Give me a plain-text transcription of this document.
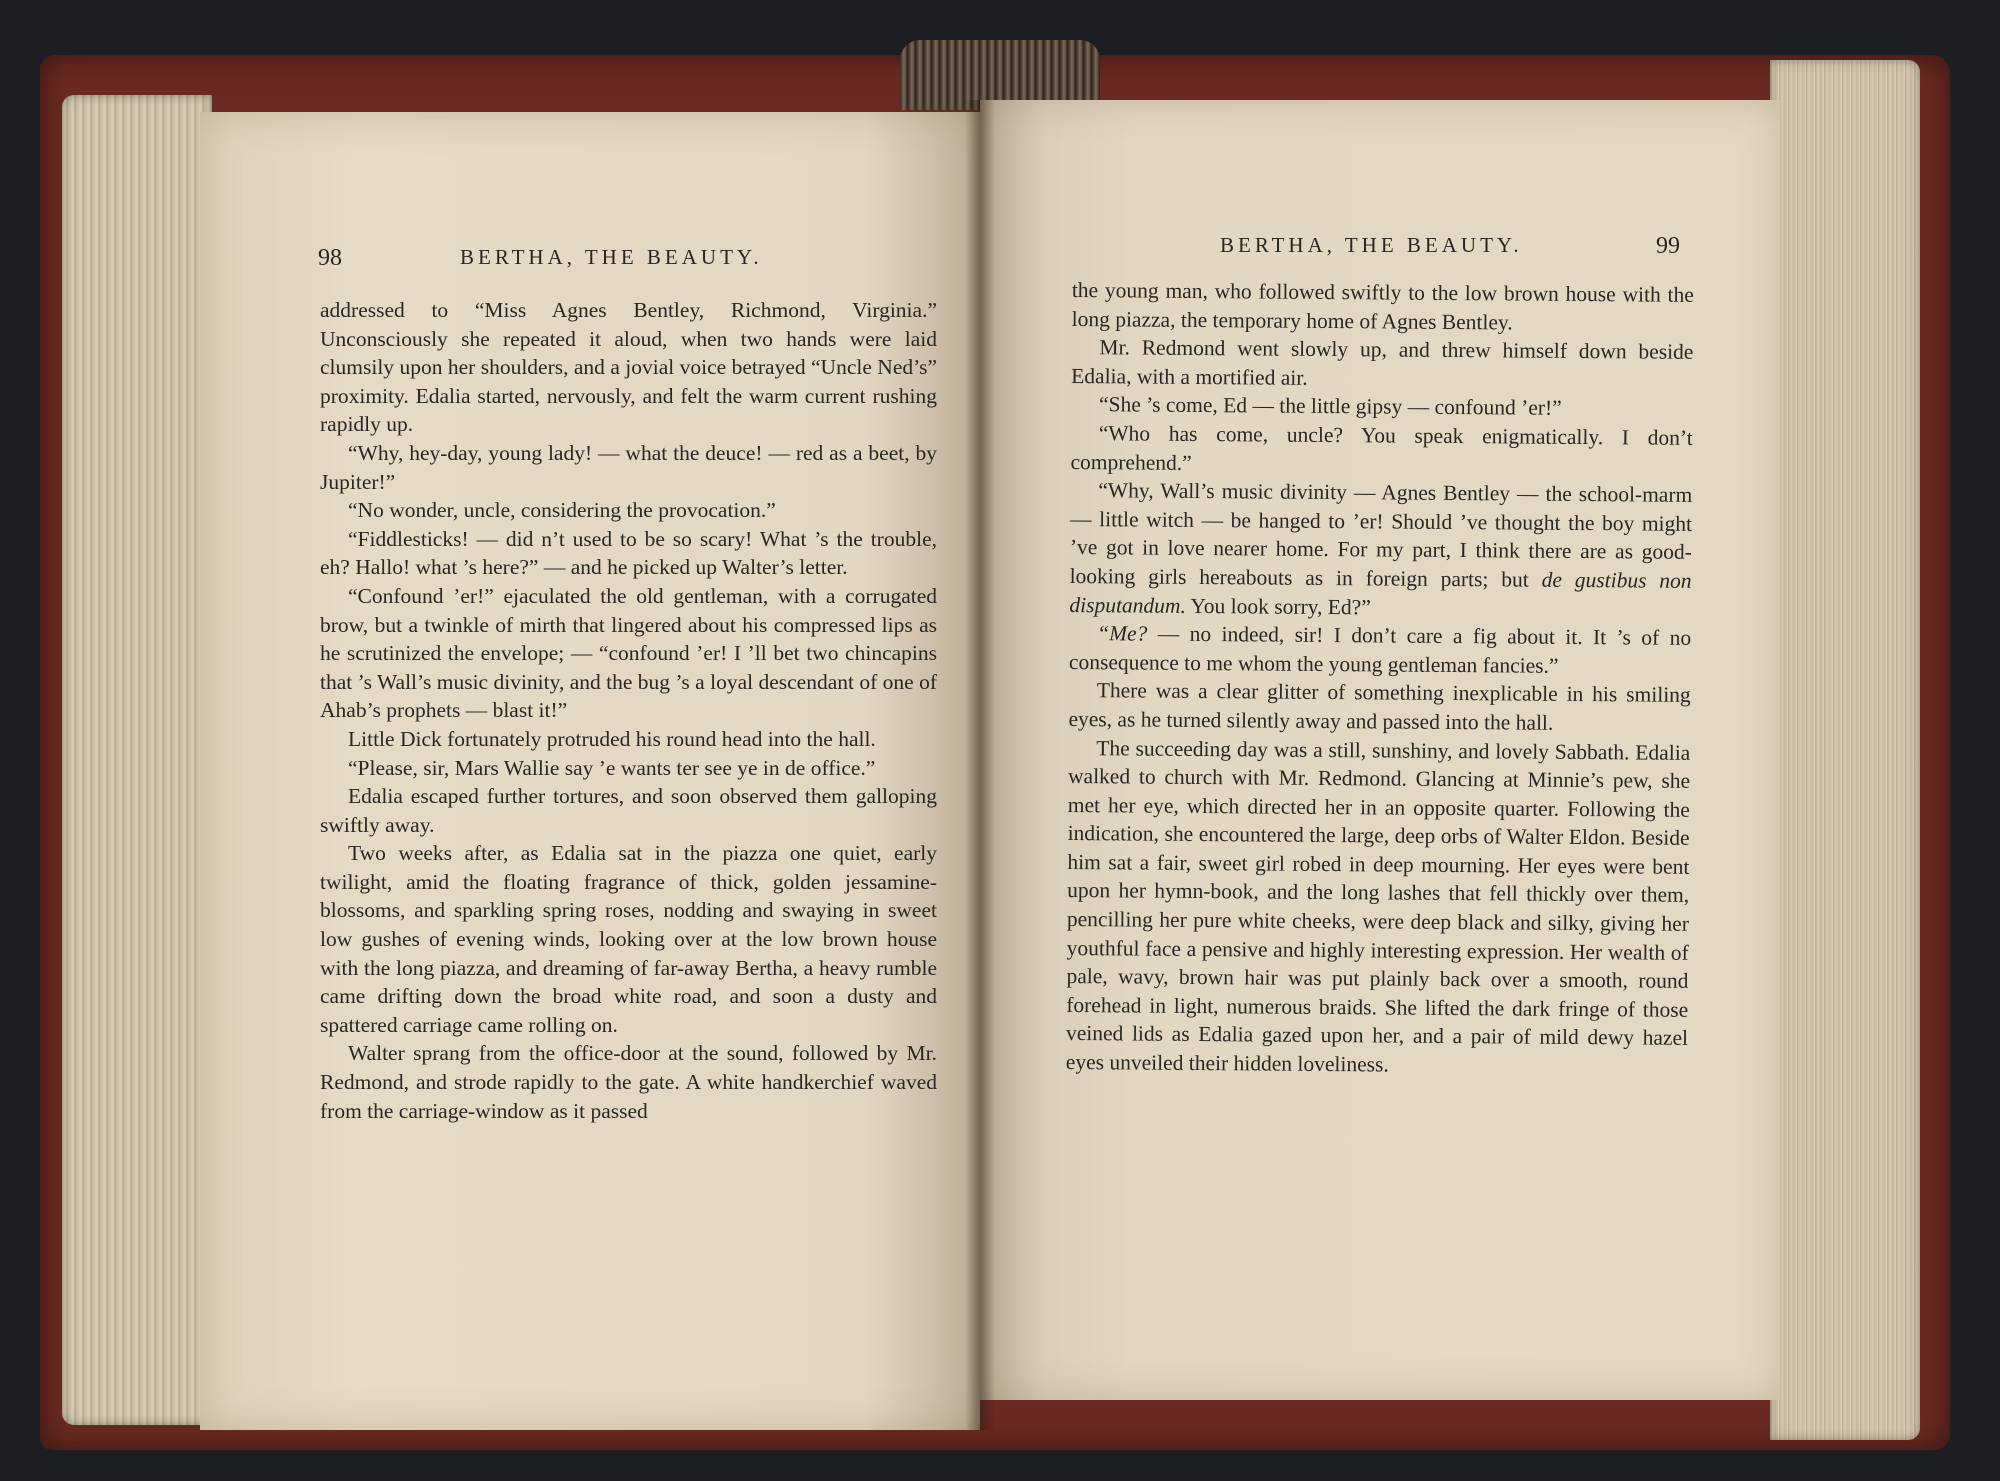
98	BERTHA, THE BEAUTY.

addressed to “Miss Agnes Bentley, Richmond, Virginia.” Unconsciously she repeated it aloud, when two hands were laid clumsily upon her shoulders, and a jovial voice betrayed “Uncle Ned’s” proximity. Edalia started, nervously, and felt the warm current rushing rapidly up.

“Why, hey-day, young lady! — what the deuce! — red as a beet, by Jupiter!”

“No wonder, uncle, considering the provocation.”

“Fiddlesticks! — did n’t used to be so scary! What ’s the trouble, eh? Hallo! what ’s here?” — and he picked up Walter’s letter.

“Confound ’er!” ejaculated the old gentleman, with a corrugated brow, but a twinkle of mirth that lingered about his compressed lips as he scrutinized the envelope; — “confound ’er! I ’ll bet two chincapins that ’s Wall’s music divinity, and the bug ’s a loyal descendant of one of Ahab’s prophets — blast it!”

Little Dick fortunately protruded his round head into the hall.

“Please, sir, Mars Wallie say ’e wants ter see ye in de office.”

Edalia escaped further tortures, and soon observed them galloping swiftly away.

Two weeks after, as Edalia sat in the piazza one quiet, early twilight, amid the floating fragrance of thick, golden jessamine-blossoms, and sparkling spring roses, nodding and swaying in sweet low gushes of evening winds, looking over at the low brown house with the long piazza, and dreaming of far-away Bertha, a heavy rumble came drifting down the broad white road, and soon a dusty and spattered carriage came rolling on.

Walter sprang from the office-door at the sound, followed by Mr. Redmond, and strode rapidly to the gate. A white handkerchief waved from the carriage-window as it passed

BERTHA, THE BEAUTY.	99

the young man, who followed swiftly to the low brown house with the long piazza, the temporary home of Agnes Bentley.

Mr. Redmond went slowly up, and threw himself down beside Edalia, with a mortified air.

“She ’s come, Ed — the little gipsy — confound ’er!”

“Who has come, uncle? You speak enigmatically. I don’t comprehend.”

“Why, Wall’s music divinity — Agnes Bentley — the school-marm — little witch — be hanged to ’er! Should ’ve thought the boy might ’ve got in love nearer home. For my part, I think there are as good-looking girls hereabouts as in foreign parts; but de gustibus non disputandum. You look sorry, Ed?”

“Me? — no indeed, sir! I don’t care a fig about it. It ’s of no consequence to me whom the young gentleman fancies.”

There was a clear glitter of something inexplicable in his smiling eyes, as he turned silently away and passed into the hall.

The succeeding day was a still, sunshiny, and lovely Sabbath. Edalia walked to church with Mr. Redmond. Glancing at Minnie’s pew, she met her eye, which directed her in an opposite quarter. Following the indication, she encountered the large, deep orbs of Walter Eldon. Beside him sat a fair, sweet girl robed in deep mourning. Her eyes were bent upon her hymn-book, and the long lashes that fell thickly over them, pencilling her pure white cheeks, were deep black and silky, giving her youthful face a pensive and highly interesting expression. Her wealth of pale, wavy, brown hair was put plainly back over a smooth, round forehead in light, numerous braids. She lifted the dark fringe of those veined lids as Edalia gazed upon her, and a pair of mild dewy hazel eyes unveiled their hidden loveliness.
